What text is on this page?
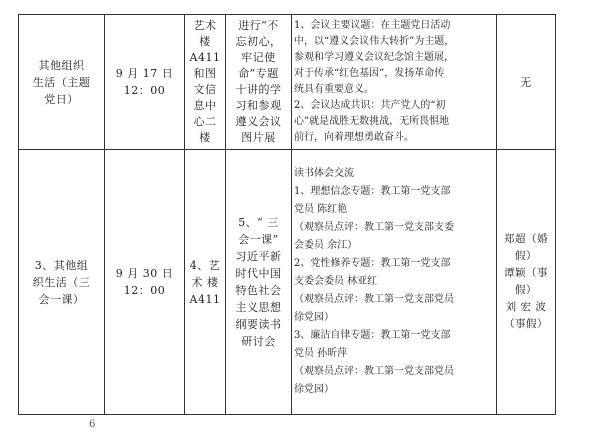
其他组织
生活（主题
党日）
9 月 17 日
12：00
艺术
楼
A411
和图
文信
息中
心二
楼
进行“不
忘初心，
牢记使
命”专题
十讲的学
习和参观
遵义会议
图片展
1、会议主要议题：在主题党日活动
中，以“遵义会议伟大转折”为主题，
参观和学习遵义会议纪念馆主题展，
对于传承“红色基因”，发扬革命传
统具有重要意义。
2、会议达成共识：共产党人的“初
心”就是战胜无数挑战，无所畏惧地
前行，向着理想勇敢奋斗。
无
3、其他组
织生活（三
会一课）
9 月 30 日
12：00
4、艺
术 楼
A411
5、“ 三
会一课”
习近平新
时代中国
特色社会
主义思想
纲要读书
研讨会
读书体会交流
1、理想信念专题：教工第一党支部
党员 陈红艳
（观察员点评：教工第一党支部支委
会委员 余江）
2、党性修养专题：教工第一党支部
支委会委员 林亚红
（观察员点评：教工第一党支部党员
徐党园）
3、廉洁自律专题：教工第一党支部
党员 孙昕萍
（观察员点评：教工第一党支部党员
徐党园）
郑超（婚
假）
谭颖（事
假）
刘 宏 波
（事假）
6
